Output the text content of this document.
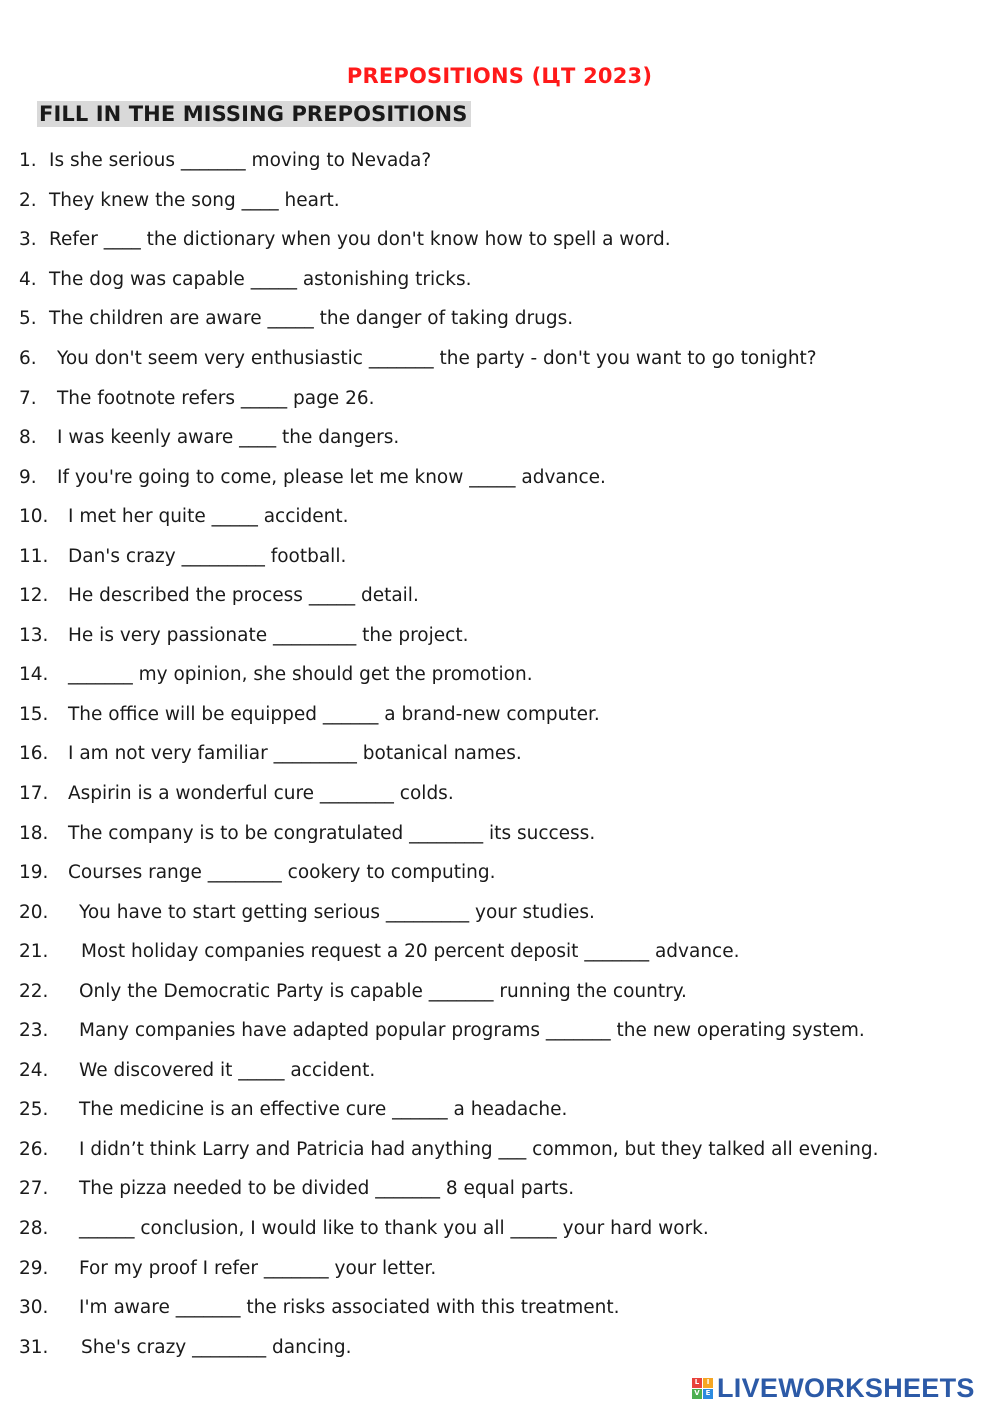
PREPOSITIONS (ЦТ 2023)
FILL IN THE MISSING PREPOSITIONS
1. Is she serious _______ moving to Nevada?
2. They knew the song ____ heart.
3. Refer ____ the dictionary when you don't know how to spell a word.
4. The dog was capable _____ astonishing tricks.
5. The children are aware _____ the danger of taking drugs.
6.	You don't seem very enthusiastic _______ the party - don't you want to go tonight?
7.	The footnote refers _____ page 26.
8.	I was keenly aware ____ the dangers.
9.	If you're going to come, please let me know _____ advance.
10.	I met her quite _____ accident.
11.	Dan's crazy _________ football.
12.	He described the process _____ detail.
13.	He is very passionate _________ the project.
14.	_______ my opinion, she should get the promotion.
15.	The office will be equipped ______ a brand-new computer.
16.	I am not very familiar _________ botanical names.
17.	Aspirin is a wonderful cure ________ colds.
18.	The company is to be congratulated ________ its success.
19.	Courses range ________ cookery to computing.
20.	You have to start getting serious _________ your studies.
21.	Most holiday companies request a 20 percent deposit _______ advance.
22.	Only the Democratic Party is capable _______ running the country.
23.	Many companies have adapted popular programs _______ the new operating system.
24.	We discovered it _____ accident.
25.	The medicine is an effective cure ______ a headache.
26.	I didn’t think Larry and Patricia had anything ___ common, but they talked all evening.
27.	The pizza needed to be divided _______ 8 equal parts.
28.	______ conclusion, I would like to thank you all _____ your hard work.
29.	For my proof I refer _______ your letter.
30.	I'm aware _______ the risks associated with this treatment.
31.	She's crazy ________ dancing.
L	I
V E LIVEWORKSHEETS
